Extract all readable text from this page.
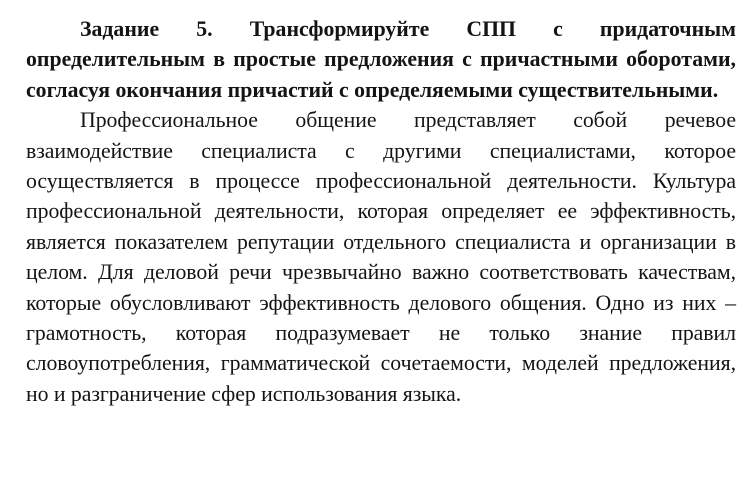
Задание 5. Трансформируйте СПП с придаточным определительным в простые предложения с причастными оборотами, согласуя окончания причастий с определяемыми существительными.

Профессиональное общение представляет собой речевое взаимодействие специалиста с другими специалистами, которое осуществляется в процессе профессиональной деятельности. Культура профессиональной деятельности, которая определяет ее эффективность, является показателем репутации отдельного специалиста и организации в целом. Для деловой речи чрезвычайно важно соответствовать качествам, которые обусловливают эффективность делового общения. Одно из них – грамотность, которая подразумевает не только знание правил словоупотребления, грамматической сочетаемости, моделей предложения, но и разграничение сфер использования языка.
